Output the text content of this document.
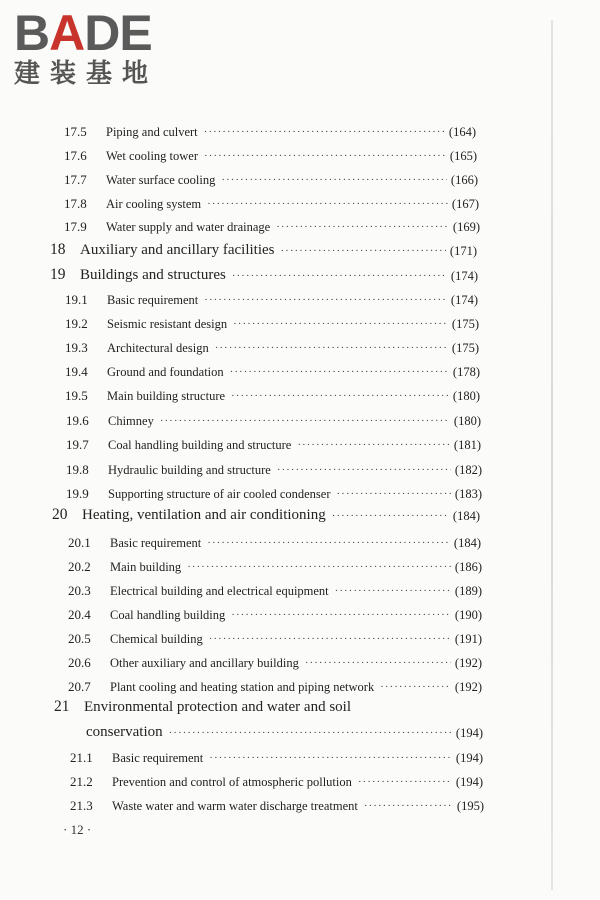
BADE
建装基地
17.5	Piping and culvert ·····	(164)
17.6	Wet cooling tower ·····	(165)
17.7	Water surface cooling ·····	(166)
17.8	Air cooling system ·····	(167)
17.9	Water supply and water drainage ·····	(169)
18 Auxiliary and ancillary facilities ·····	(171)
19 Buildings and structures ·····	(174)
19.1	Basic requirement ·····	(174)
19.2	Seismic resistant design ·····	(175)
19.3	Architectural design ·····	(175)
19.4	Ground and foundation ·····	(178)
19.5	Main building structure ·····	(180)
19.6	Chimney ·····	(180)
19.7	Coal handling building and structure ·····	(181)
19.8	Hydraulic building and structure ·····	(182)
19.9	Supporting structure of air cooled condenser ·····	(183)
20 Heating, ventilation and air conditioning ·····	(184)
20.1	Basic requirement ·····	(184)
20.2	Main building ·····	(186)
20.3	Electrical building and electrical equipment ·····	(189)
20.4	Coal handling building ·····	(190)
20.5	Chemical building ·····	(191)
20.6	Other auxiliary and ancillary building ·····	(192)
20.7	Plant cooling and heating station and piping network ·····	(192)
21 Environmental protection and water and soil
conservation ·····	(194)
21.1	Basic requirement ·····	(194)
21.2	Prevention and control of atmospheric pollution ·····	(194)
21.3	Waste water and warm water discharge treatment ·····	(195)
· 12 ·
